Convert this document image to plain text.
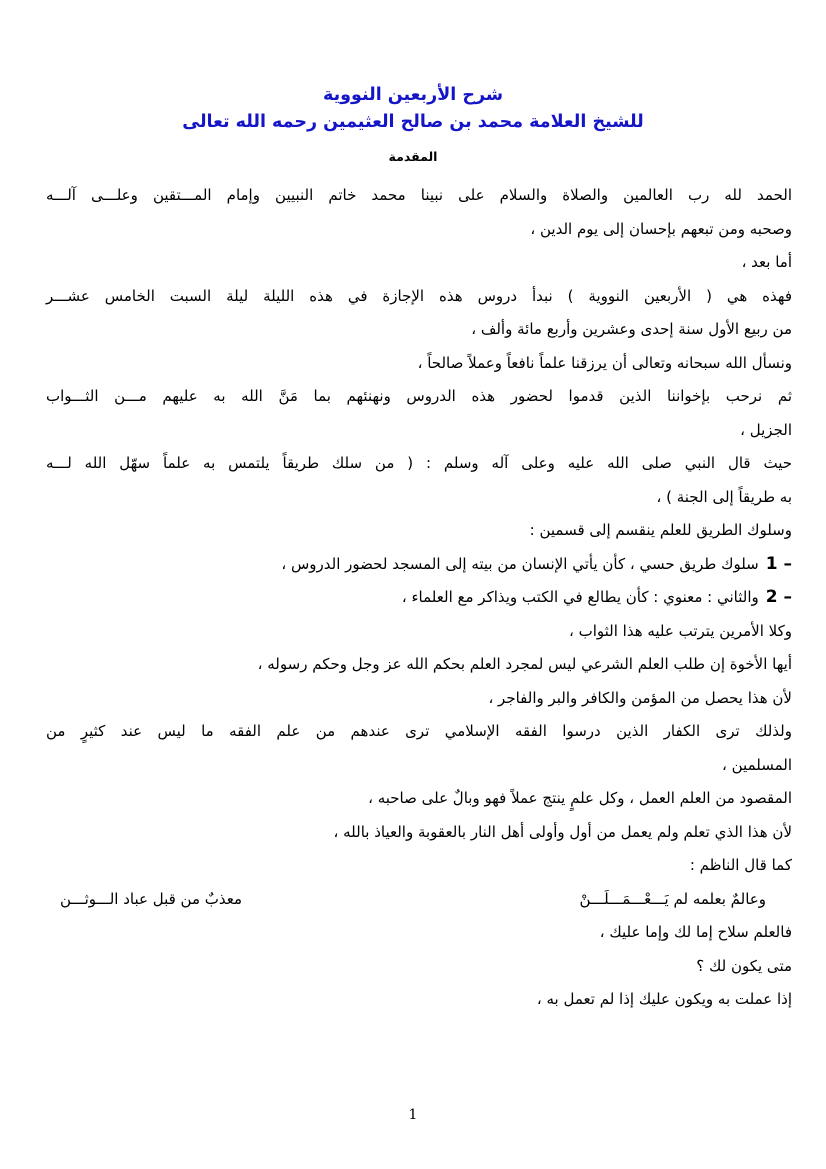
شرح الأربعين النووية
للشيخ العلامة محمد بن صالح العثيمين رحمه الله تعالى
المقدمة
الحمد لله رب العالمين والصلاة والسلام على نبينا محمد خاتم النبيين وإمام المـــتقين وعلـــى آلـــه
وصحبه ومن تبعهم بإحسان إلى يوم الدين ،
أما بعد ،
فهذه هي ( الأربعين النووية ) نبدأ دروس هذه الإجازة في هذه الليلة ليلة السبت الخامس عشـــر
من ربيع الأول سنة إحدى وعشرين وأربع مائة وألف ،
ونسأل الله سبحانه وتعالى أن يرزقنا علماً نافعاً وعملاً صالحاً ،
ثم نرحب بإخواننا الذين قدموا لحضور هذه الدروس ونهنئهم بما مَنَّ الله به عليهم مـــن الثـــواب
الجزيل ،
حيث قال النبي صلى الله عليه وعلى آله وسلم : ( من سلك طريقاً يلتمس به علماً سهّل الله لـــه
به طريقاً إلى الجنة ) ،
وسلوك الطريق للعلم ينقسم إلى قسمين :
1 –سلوك طريق حسي ، كأن يأتي الإنسان من بيته إلى المسجد لحضور الدروس ،
2 –والثاني : معنوي : كأن يطالع في الكتب ويذاكر مع العلماء ،
وكلا الأمرين يترتب عليه هذا الثواب ،
أيها الأخوة إن طلب العلم الشرعي ليس لمجرد العلم بحكم الله عز وجل وحكم رسوله ،
لأن هذا يحصل من المؤمن والكافر والبر والفاجر ،
ولذلك ترى الكفار الذين درسوا الفقه الإسلامي ترى عندهم من علم الفقه ما ليس عند كثيرٍ من
المسلمين ،
المقصود من العلم العمل ، وكل علمٍ ينتج عملاً فهو وبالٌ على صاحبه ،
لأن هذا الذي تعلم ولم يعمل من أول وأولى أهل النار بالعقوبة والعياذ بالله ،
كما قال الناظم :
وعالمٌ بعلمه لم يَـــعْـــمَـــلَـــنْ
معذبٌ من قبل عباد الـــوثـــن
فالعلم سلاح إما لك وإما عليك ،
متى يكون لك ؟
إذا عملت به ويكون عليك إذا لم تعمل به ،
1
